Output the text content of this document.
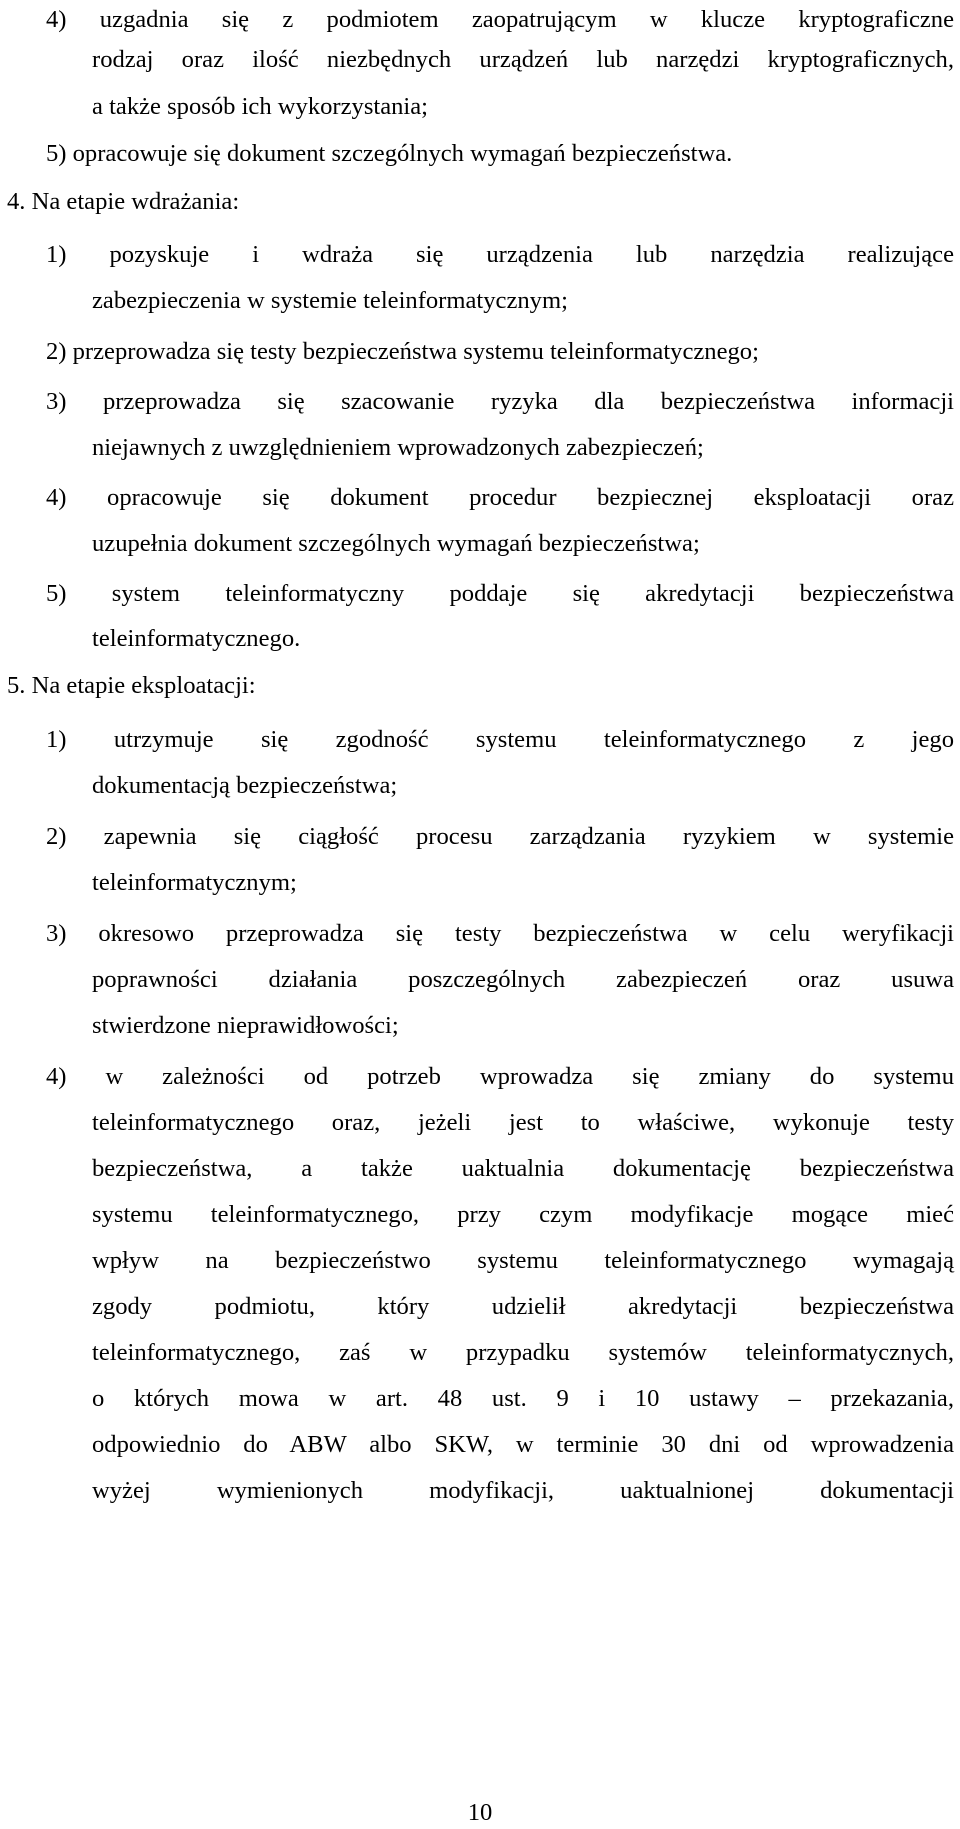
4) uzgadnia się z podmiotem zaopatrującym w klucze kryptograficzne
rodzaj oraz ilość niezbędnych urządzeń lub narzędzi kryptograficznych,
a także sposób ich wykorzystania;
5) opracowuje się dokument szczególnych wymagań bezpieczeństwa.
4. Na etapie wdrażania:
1) pozyskuje i wdraża się urządzenia lub narzędzia realizujące
zabezpieczenia w systemie teleinformatycznym;
2) przeprowadza się testy bezpieczeństwa systemu teleinformatycznego;
3) przeprowadza się szacowanie ryzyka dla bezpieczeństwa informacji
niejawnych z uwzględnieniem wprowadzonych zabezpieczeń;
4) opracowuje się dokument procedur bezpiecznej eksploatacji oraz
uzupełnia dokument szczególnych wymagań bezpieczeństwa;
5) system teleinformatyczny poddaje się akredytacji bezpieczeństwa
teleinformatycznego.
5. Na etapie eksploatacji:
1) utrzymuje się zgodność systemu teleinformatycznego z jego
dokumentacją bezpieczeństwa;
2) zapewnia się ciągłość procesu zarządzania ryzykiem w systemie
teleinformatycznym;
3) okresowo przeprowadza się testy bezpieczeństwa w celu weryfikacji
poprawności działania poszczególnych zabezpieczeń oraz usuwa
stwierdzone nieprawidłowości;
4) w zależności od potrzeb wprowadza się zmiany do systemu
teleinformatycznego oraz, jeżeli jest to właściwe, wykonuje testy
bezpieczeństwa, a także uaktualnia dokumentację bezpieczeństwa
systemu teleinformatycznego, przy czym modyfikacje mogące mieć
wpływ na bezpieczeństwo systemu teleinformatycznego wymagają
zgody podmiotu, który udzielił akredytacji bezpieczeństwa
teleinformatycznego, zaś w przypadku systemów teleinformatycznych,
o których mowa w art. 48 ust. 9 i 10 ustawy – przekazania,
odpowiednio do ABW albo SKW, w terminie 30 dni od wprowadzenia
wyżej wymienionych modyfikacji, uaktualnionej dokumentacji
10
